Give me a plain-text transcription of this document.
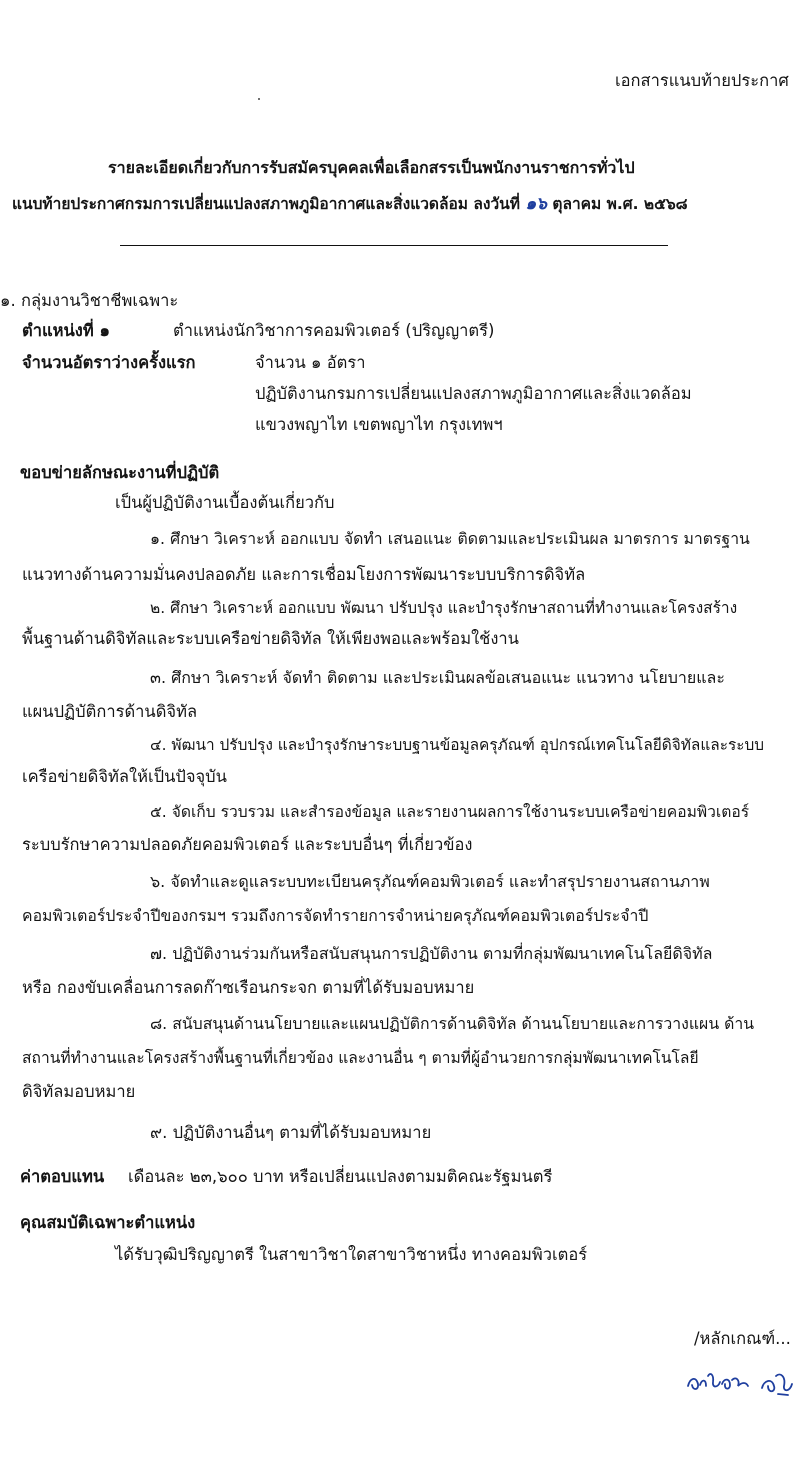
เอกสารแนบท้ายประกาศ
รายละเอียดเกี่ยวกับการรับสมัครบุคคลเพื่อเลือกสรรเป็นพนักงานราชการทั่วไป
แนบท้ายประกาศกรมการเปลี่ยนแปลงสภาพภูมิอากาศและสิ่งแวดล้อม ลงวันที่ ๑๖ ตุลาคม พ.ศ. ๒๕๖๘
๑. กลุ่มงานวิชาชีพเฉพาะ
ตำแหน่งที่ ๑	ตำแหน่งนักวิชาการคอมพิวเตอร์ (ปริญญาตรี)
จำนวนอัตราว่างครั้งแรก	จำนวน ๑ อัตรา
ปฏิบัติงานกรมการเปลี่ยนแปลงสภาพภูมิอากาศและสิ่งแวดล้อม
แขวงพญาไท เขตพญาไท กรุงเทพฯ
ขอบข่ายลักษณะงานที่ปฏิบัติ
เป็นผู้ปฏิบัติงานเบื้องต้นเกี่ยวกับ
๑. ศึกษา วิเคราะห์ ออกแบบ จัดทำ เสนอแนะ ติดตามและประเมินผล มาตรการ มาตรฐาน
แนวทางด้านความมั่นคงปลอดภัย และการเชื่อมโยงการพัฒนาระบบบริการดิจิทัล
๒. ศึกษา วิเคราะห์ ออกแบบ พัฒนา ปรับปรุง และบำรุงรักษาสถานที่ทำงานและโครงสร้าง
พื้นฐานด้านดิจิทัลและระบบเครือข่ายดิจิทัล ให้เพียงพอและพร้อมใช้งาน
๓. ศึกษา วิเคราะห์ จัดทำ ติดตาม และประเมินผลข้อเสนอแนะ แนวทาง นโยบายและ
แผนปฏิบัติการด้านดิจิทัล
๔. พัฒนา ปรับปรุง และบำรุงรักษาระบบฐานข้อมูลครุภัณฑ์ อุปกรณ์เทคโนโลยีดิจิทัลและระบบ
เครือข่ายดิจิทัลให้เป็นปัจจุบัน
๕. จัดเก็บ รวบรวม และสำรองข้อมูล และรายงานผลการใช้งานระบบเครือข่ายคอมพิวเตอร์
ระบบรักษาความปลอดภัยคอมพิวเตอร์ และระบบอื่นๆ ที่เกี่ยวข้อง
๖. จัดทำและดูแลระบบทะเบียนครุภัณฑ์คอมพิวเตอร์ และทำสรุปรายงานสถานภาพ
คอมพิวเตอร์ประจำปีของกรมฯ รวมถึงการจัดทำรายการจำหน่ายครุภัณฑ์คอมพิวเตอร์ประจำปี
๗. ปฏิบัติงานร่วมกันหรือสนับสนุนการปฏิบัติงาน ตามที่กลุ่มพัฒนาเทคโนโลยีดิจิทัล
หรือ กองขับเคลื่อนการลดก๊าซเรือนกระจก ตามที่ได้รับมอบหมาย
๘. สนับสนุนด้านนโยบายและแผนปฏิบัติการด้านดิจิทัล ด้านนโยบายและการวางแผน ด้าน
สถานที่ทำงานและโครงสร้างพื้นฐานที่เกี่ยวข้อง และงานอื่น ๆ ตามที่ผู้อำนวยการกลุ่มพัฒนาเทคโนโลยี
ดิจิทัลมอบหมาย
๙. ปฏิบัติงานอื่นๆ ตามที่ได้รับมอบหมาย
ค่าตอบแทน เดือนละ ๒๓,๖๐๐ บาท หรือเปลี่ยนแปลงตามมติคณะรัฐมนตรี
คุณสมบัติเฉพาะตำแหน่ง
ได้รับวุฒิปริญญาตรี ในสาขาวิชาใดสาขาวิชาหนึ่ง ทางคอมพิวเตอร์
/หลักเกณฑ์...
